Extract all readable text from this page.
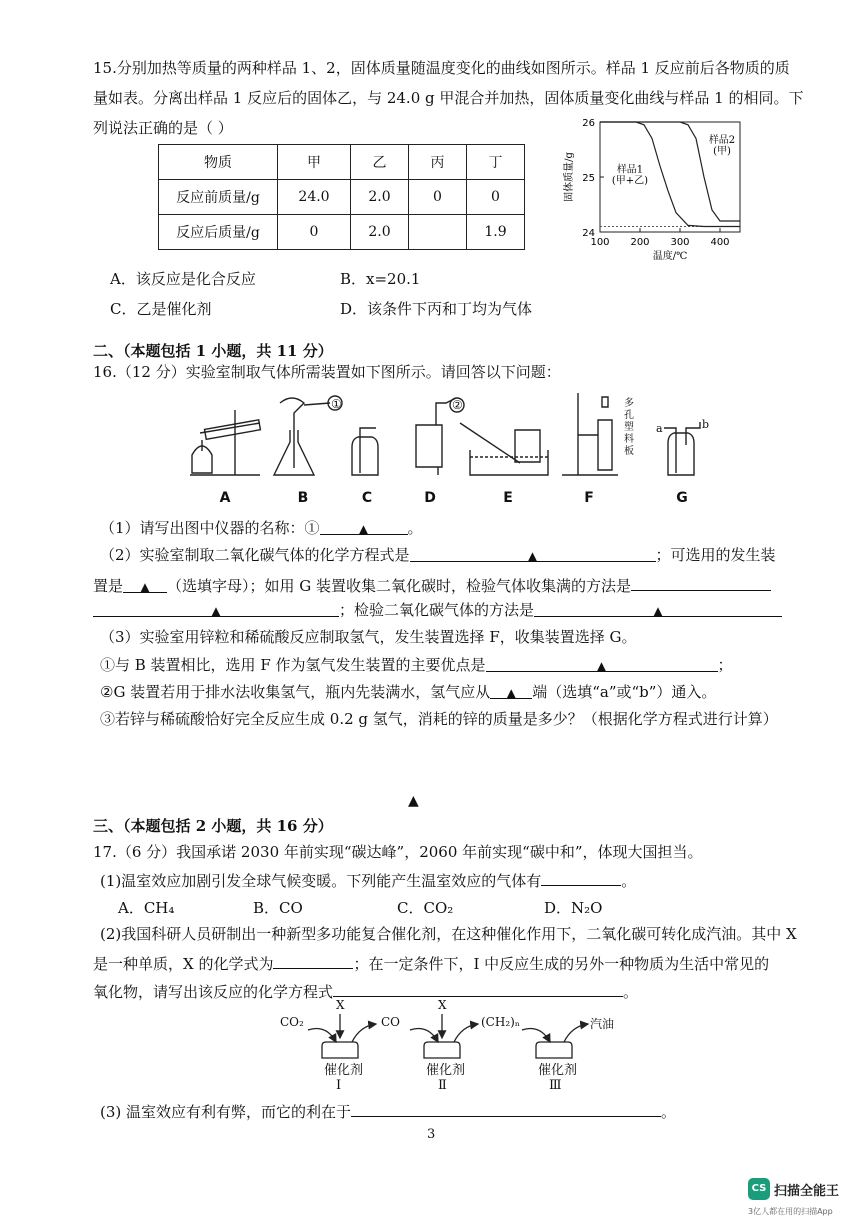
15.分别加热等质量的两种样品 1、2，固体质量随温度变化的曲线如图所示。样品 1 反应前后各物质的质
量如表。分离出样品 1 反应后的固体乙，与 24.0 g 甲混合并加热，固体质量变化曲线与样品 1 的相同。下
列说法正确的是（ ）
物质	甲	乙	丙	丁
反应前质量/g	24.0	2.0	0	0
反应后质量/g	0	2.0		1.9
100 200 300 400
24
25
26
温度/℃
固体质量/g	样品1
(甲+乙)
样品2
(甲)
A．该反应是化合反应	B．x=20.1
C．乙是催化剂	D．该条件下丙和丁均为气体
二、（本题包括 1 小题，共 11 分）
16.（12 分）实验室制取气体所需装置如下图所示。请回答以下问题：
①	②	多
孔
塑
料
板
a	b
A	B	C	D	E	F	G
（1）请写出图中仪器的名称：①	▲	。
（2）实验室制取二氧化碳气体的化学方程式是	▲	；可选用的发生装
置是 ▲ （选填字母）；如用 G 装置收集二氧化碳时，检验气体收集满的方法是
▲	；检验二氧化碳气体的方法是	▲
（3）实验室用锌粒和稀硫酸反应制取氢气，发生装置选择 F，收集装置选择 G。
①与 B 装置相比，选用 F 作为氢气发生装置的主要优点是	▲	；
②G 装置若用于排水法收集氢气，瓶内先装满水，氢气应从 ▲ 端（选填“a”或“b”）通入。
③若锌与稀硫酸恰好完全反应生成 0.2 g 氢气，消耗的锌的质量是多少？（根据化学方程式进行计算）
▲
三、（本题包括 2 小题，共 16 分）
17.（6 分）我国承诺 2030 年前实现“碳达峰”，2060 年前实现“碳中和”，体现大国担当。
(1)温室效应加剧引发全球气候变暖。下列能产生温室效应的气体有	。
A．CH₄	B．CO	C．CO₂	D．N₂O
(2)我国科研人员研制出一种新型多功能复合催化剂，在这种催化作用下，二氧化碳可转化成汽油。其中 X
是一种单质，X 的化学式为	；在一定条件下，Ⅰ 中反应生成的另外一种物质为生活中常见的
氧化物，请写出该反应的化学方程式	。
CO₂
X
CO
X
(CH₂)ₙ	汽油
催化剂	催化剂	催化剂
Ⅰ	Ⅱ	Ⅲ
(3) 温室效应有利有弊，而它的利在于	。
3
CS 扫描全能王
3亿人都在用的扫描App
